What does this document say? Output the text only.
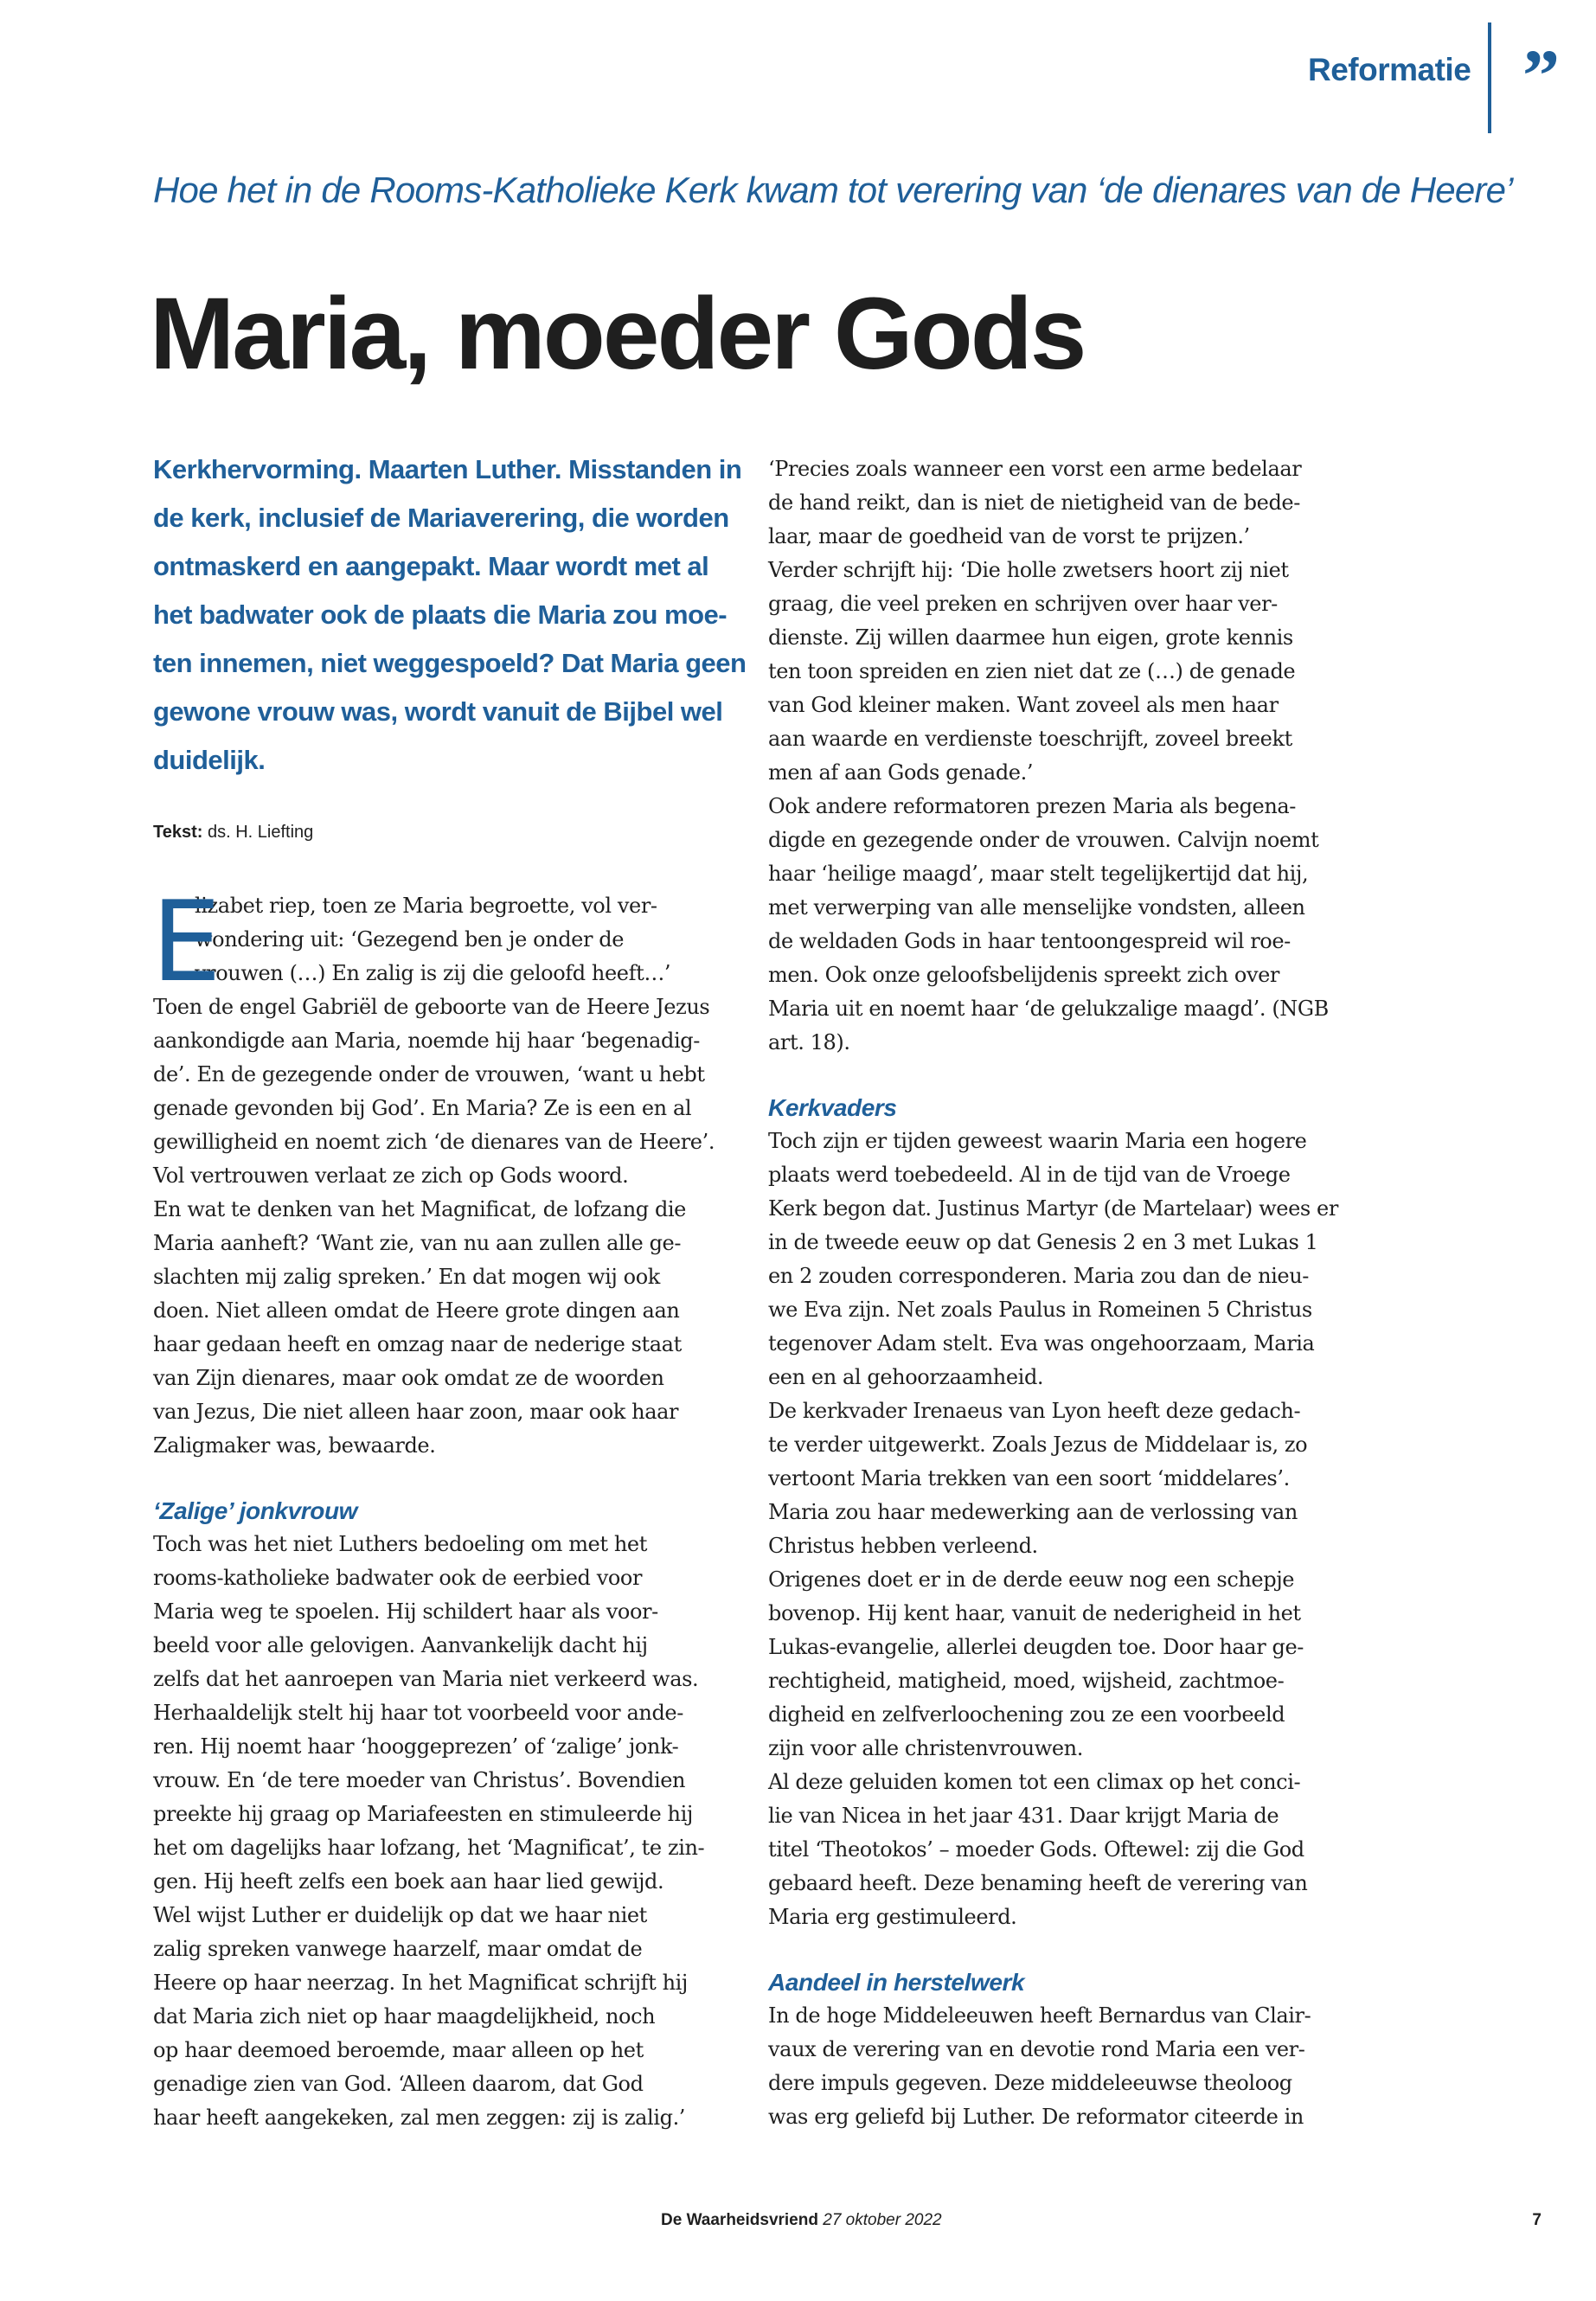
Reformatie ”
Hoe het in de Rooms-Katholieke Kerk kwam tot verering van ‘de dienares van de Heere’
Maria, moeder Gods

Kerkhervorming. Maarten Luther. Misstanden in

de kerk, inclusief de Mariaverering, die worden

ontmaskerd en aangepakt. Maar wordt met al

het badwater ook de plaats die Maria zou moe-

ten innemen, niet weggespoeld? Dat Maria geen

gewone vrouw was, wordt vanuit de Bijbel wel

duidelijk.

Tekst: ds. H. Liefting
E
lizabet riep, toen ze Maria begroette, vol ver-
wondering uit: ‘Gezegend ben je onder de
vrouwen (…) En zalig is zij die geloofd heeft…’
Toen de engel Gabriël de geboorte van de Heere Jezus
aankondigde aan Maria, noemde hij haar ‘begenadig-
de’. En de gezegende onder de vrouwen, ‘want u hebt
genade gevonden bij God’. En Maria? Ze is een en al
gewilligheid en noemt zich ‘de dienares van de Heere’.
Vol vertrouwen verlaat ze zich op Gods woord.
En wat te denken van het Magnificat, de lofzang die
Maria aanheft? ‘Want zie, van nu aan zullen alle ge-
slachten mij zalig spreken.’ En dat mogen wij ook
doen. Niet alleen omdat de Heere grote dingen aan
haar gedaan heeft en omzag naar de nederige staat
van Zijn dienares, maar ook omdat ze de woorden
van Jezus, Die niet alleen haar zoon, maar ook haar
Zaligmaker was, bewaarde.
‘Zalige’ jonkvrouw
Toch was het niet Luthers bedoeling om met het
rooms-katholieke badwater ook de eerbied voor
Maria weg te spoelen. Hij schildert haar als voor-
beeld voor alle gelovigen. Aanvankelijk dacht hij
zelfs dat het aanroepen van Maria niet verkeerd was.
Herhaaldelijk stelt hij haar tot voorbeeld voor ande-
ren. Hij noemt haar ‘hooggeprezen’ of ‘zalige’ jonk-
vrouw. En ‘de tere moeder van Christus’. Bovendien
preekte hij graag op Mariafeesten en stimuleerde hij
het om dagelijks haar lofzang, het ‘Magnificat’, te zin-
gen. Hij heeft zelfs een boek aan haar lied gewijd.
Wel wijst Luther er duidelijk op dat we haar niet
zalig spreken vanwege haarzelf, maar omdat de
Heere op haar neerzag. In het Magnificat schrijft hij
dat Maria zich niet op haar maagdelijkheid, noch
op haar deemoed beroemde, maar alleen op het
genadige zien van God. ‘Alleen daarom, dat God
haar heeft aangekeken, zal men zeggen: zij is zalig.’
‘Precies zoals wanneer een vorst een arme bedelaar
de hand reikt, dan is niet de nietigheid van de bede-
laar, maar de goedheid van de vorst te prijzen.’
Verder schrijft hij: ‘Die holle zwetsers hoort zij niet
graag, die veel preken en schrijven over haar ver-
dienste. Zij willen daarmee hun eigen, grote kennis
ten toon spreiden en zien niet dat ze (…) de genade
van God kleiner maken. Want zoveel als men haar
aan waarde en verdienste toeschrijft, zoveel breekt
men af aan Gods genade.’
Ook andere reformatoren prezen Maria als begena-
digde en gezegende onder de vrouwen. Calvijn noemt
haar ‘heilige maagd’, maar stelt tegelijkertijd dat hij,
met verwerping van alle menselijke vondsten, alleen
de weldaden Gods in haar tentoongespreid wil roe-
men. Ook onze geloofsbelijdenis spreekt zich over
Maria uit en noemt haar ‘de gelukzalige maagd’. (NGB
art. 18).
Kerkvaders
Toch zijn er tijden geweest waarin Maria een hogere
plaats werd toebedeeld. Al in de tijd van de Vroege
Kerk begon dat. Justinus Martyr (de Martelaar) wees er
in de tweede eeuw op dat Genesis 2 en 3 met Lukas 1
en 2 zouden corresponderen. Maria zou dan de nieu-
we Eva zijn. Net zoals Paulus in Romeinen 5 Christus
tegenover Adam stelt. Eva was ongehoorzaam, Maria
een en al gehoorzaamheid.
De kerkvader Irenaeus van Lyon heeft deze gedach-
te verder uitgewerkt. Zoals Jezus de Middelaar is, zo
vertoont Maria trekken van een soort ‘middelares’.
Maria zou haar medewerking aan de verlossing van
Christus hebben verleend.
Origenes doet er in de derde eeuw nog een schepje
bovenop. Hij kent haar, vanuit de nederigheid in het
Lukas-evangelie, allerlei deugden toe. Door haar ge-
rechtigheid, matigheid, moed, wijsheid, zachtmoe-
digheid en zelfverloochening zou ze een voorbeeld
zijn voor alle christenvrouwen.
Al deze geluiden komen tot een climax op het conci-
lie van Nicea in het jaar 431. Daar krijgt Maria de
titel ‘Theotokos’ – moeder Gods. Oftewel: zij die God
gebaard heeft. Deze benaming heeft de verering van
Maria erg gestimuleerd.
Aandeel in herstelwerk
In de hoge Middeleeuwen heeft Bernardus van Clair-
vaux de verering van en devotie rond Maria een ver-
dere impuls gegeven. Deze middeleeuwse theoloog
was erg geliefd bij Luther. De reformator citeerde in
De Waarheidsvriend 27 oktober 2022	7
